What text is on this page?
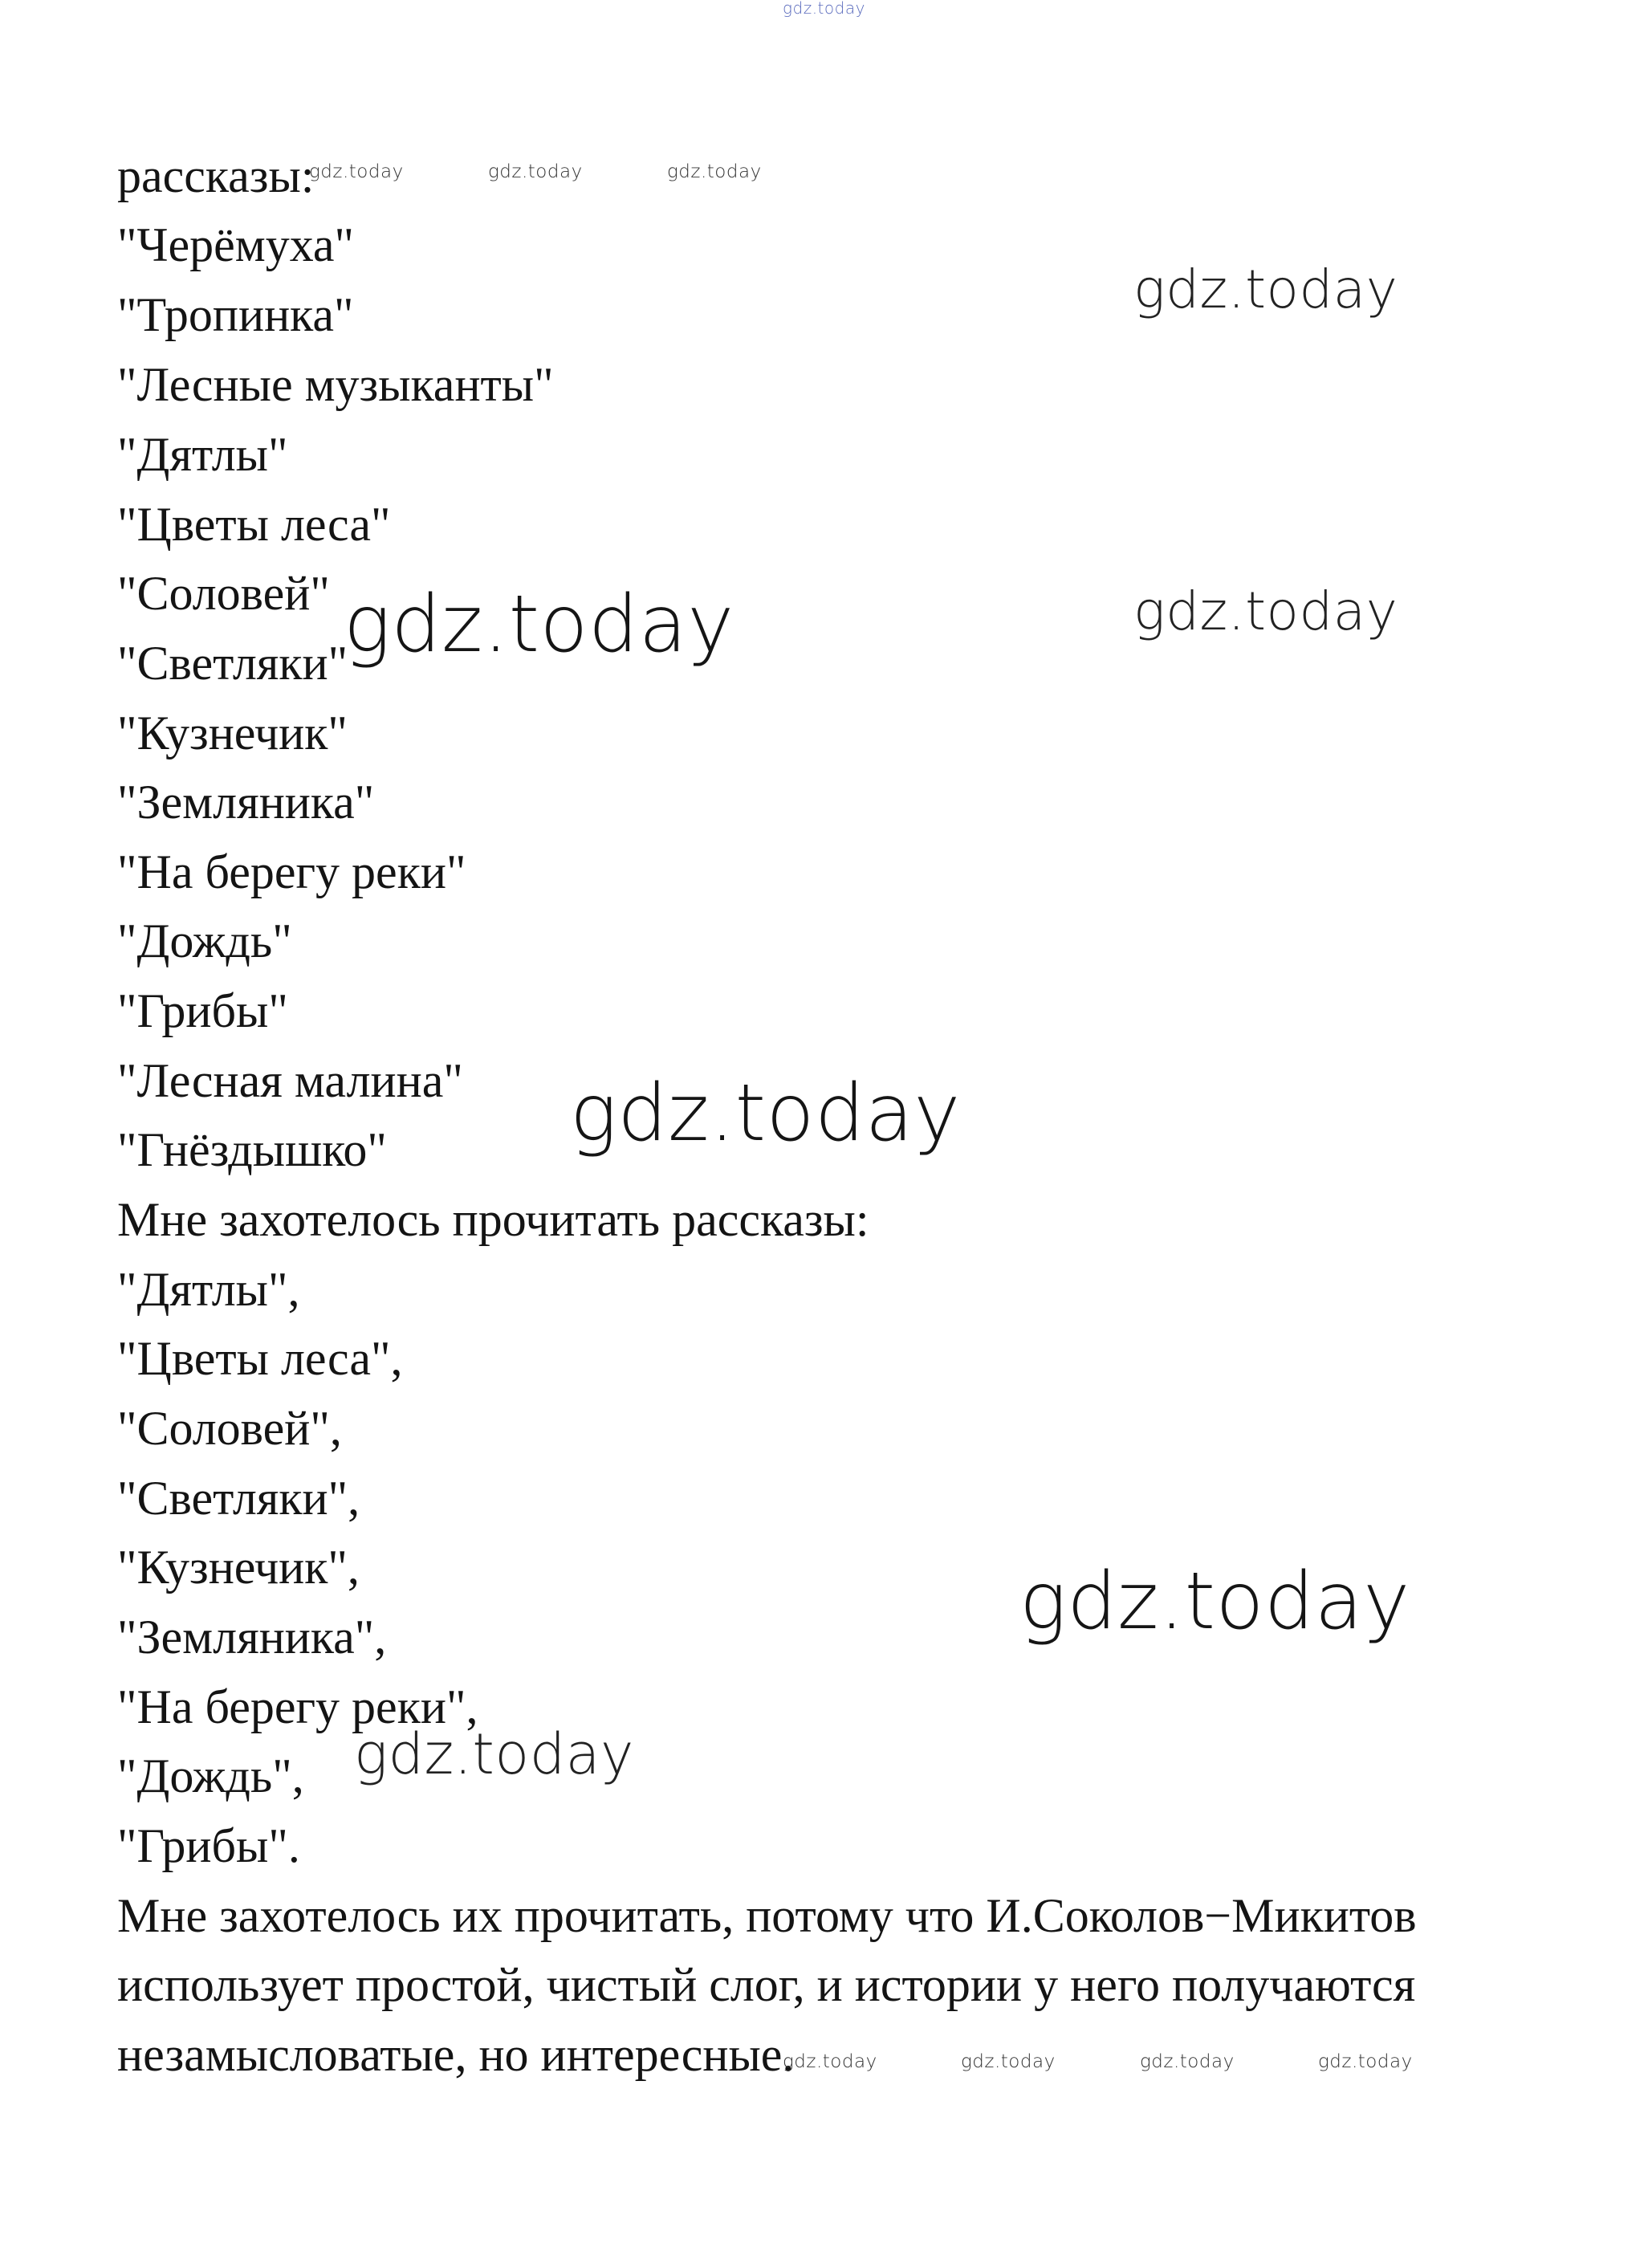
gdz.today
рассказы:
"Черёмуха"
"Тропинка"
"Лесные музыканты"
"Дятлы"
"Цветы леса"
"Соловей"
"Светляки"
"Кузнечик"
"Земляника"
"На берегу реки"
"Дождь"
"Грибы"
"Лесная малина"
"Гнёздышко"
Мне захотелось прочитать рассказы:
"Дятлы",
"Цветы леса",
"Соловей",
"Светляки",
"Кузнечик",
"Земляника",
"На берегу реки",
"Дождь",
"Грибы".
Мне захотелось их прочитать, потому что И.Соколов−Микитов
использует простой, чистый слог, и истории у него получаются
незамысловатые, но интересные.
gdz.today	gdz.today	gdz.today
gdz.today
gdz.today
gdz.today
gdz.today
gdz.today
gdz.today
gdz.today	gdz.today	gdz.today	gdz.today
